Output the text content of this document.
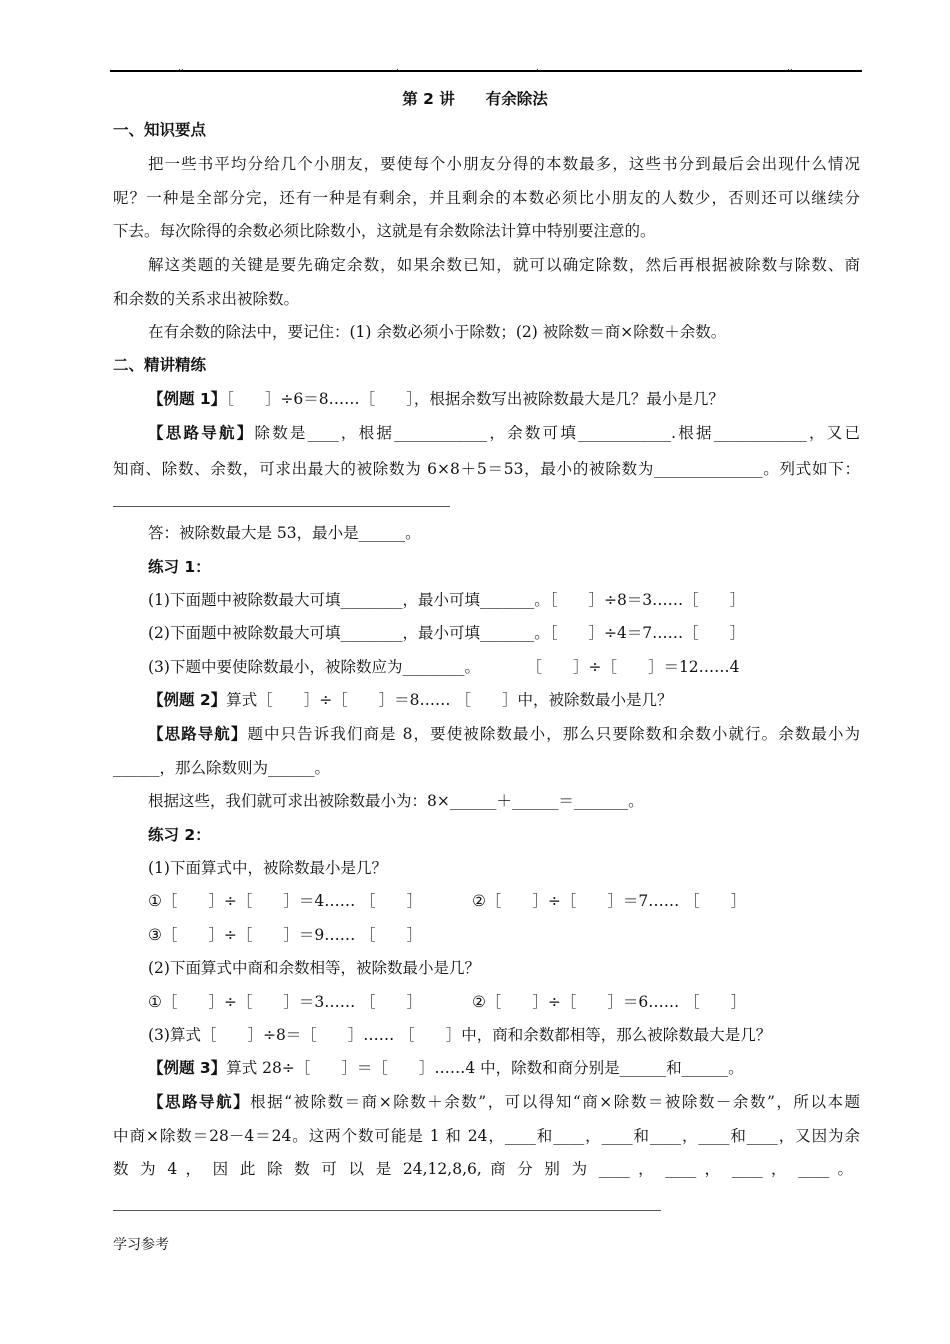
..	.	.	..
第 2 讲　　有余除法
一、知识要点
把一些书平均分给几个小朋友，要使每个小朋友分得的本数最多，这些书分到最后会出现什么情况
呢？一种是全部分完，还有一种是有剩余，并且剩余的本数必须比小朋友的人数少，否则还可以继续分
下去。每次除得的余数必须比除数小，这就是有余数除法计算中特别要注意的。
解这类题的关键是要先确定余数，如果余数已知，就可以确定除数，然后再根据被除数与除数、商
和余数的关系求出被除数。
在有余数的除法中，要记住：(1) 余数必须小于除数；(2) 被除数＝商×除数＋余数。
二、精讲精练
【例题 1】［　　］÷6＝8……［　　］，根据余数写出被除数最大是几？最小是几？
【思路导航】除数是____，根据____________，余数可填____________.根据____________，又已
知商、除数、余数，可求出最大的被除数为 6×8＋5＝53，最小的被除数为______________。列式如下：
答：被除数最大是 53，最小是______。
练习 1：
(1)下面题中被除数最大可填________，最小可填_______。［　　］÷8＝3……［　　］
(2)下面题中被除数最大可填________，最小可填_______。［　　］÷4＝7……［　　］
(3)下题中要使除数最小，被除数应为________。　　　　［　　］÷［　　］＝12……4
【例题 2】算式［　　］÷［　　］＝8…… ［　　］中，被除数最小是几？
【思路导航】题中只告诉我们商是 8，要使被除数最小，那么只要除数和余数小就行。余数最小为
______，那么除数则为______。
根据这些，我们就可求出被除数最小为：8×______＋______＝_______。
练习 2：
(1)下面算式中，被除数最小是几？
①［　　］÷［　　］＝4…… ［　　］	②［　　］÷［　　］＝7…… ［　　］
③［　　］÷［　　］＝9…… ［　　］
(2)下面算式中商和余数相等，被除数最小是几？
①［　　］÷［　　］＝3…… ［　　］	②［　　］÷［　　］＝6…… ［　　］
(3)算式［　　］÷8＝［　　］…… ［　　］中，商和余数都相等，那么被除数最大是几？
【例题 3】算式 28÷［　　］＝［　　］……4 中，除数和商分别是______和______。
【思路导航】根据“被除数＝商×除数＋余数”，可以得知“商×除数＝被除数－余数”，所以本题
中商×除数＝28－4＝24。这两个数可能是 1 和 24，____和____，____和____，____和____，又因为余
数 为 4 ， 因 此 除 数 可 以 是 24,12,8,6, 商 分 别 为 ____ ， ____ ， ____ ， ____ 。
学习参考
